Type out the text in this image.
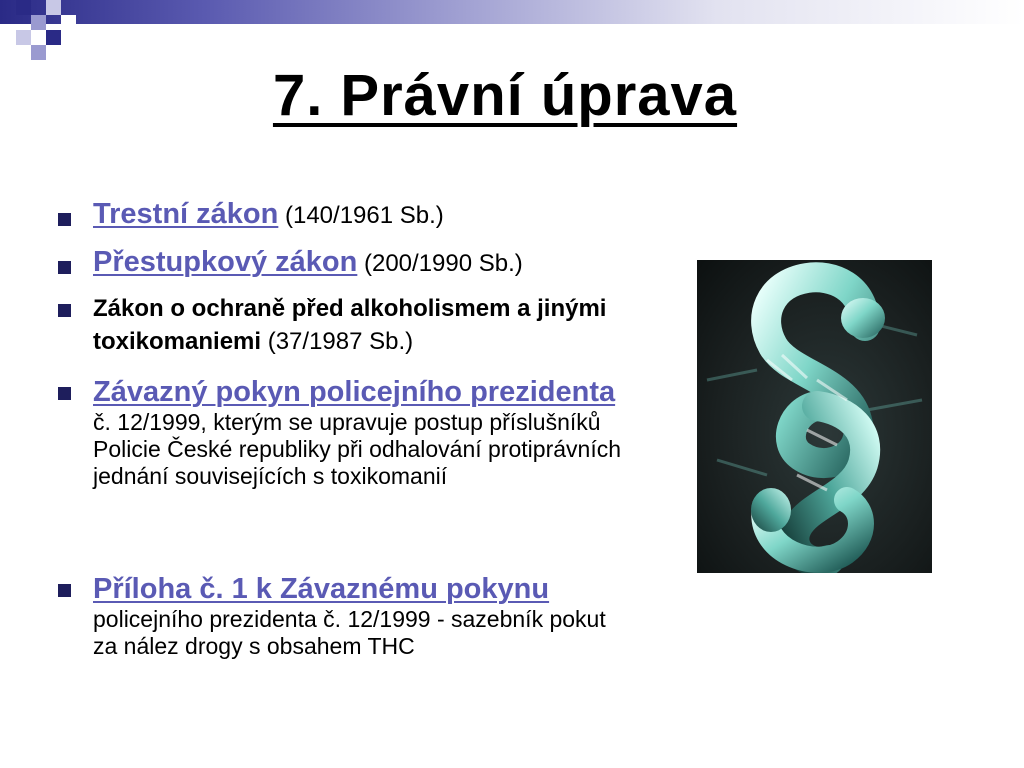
7. Právní úprava
Trestní zákon (140/1961 Sb.)
Přestupkový zákon (200/1990 Sb.)
Zákon o ochraně před alkoholismem a jinými toxikomaniemi (37/1987 Sb.)
Závazný pokyn policejního prezidenta č. 12/1999, kterým se upravuje postup příslušníků Policie České republiky při odhalování protiprávních jednání souvisejících s toxikomanií
Příloha č. 1 k Závaznému pokynu policejního prezidenta č. 12/1999 - sazebník pokut za nález drogy s obsahem THC
